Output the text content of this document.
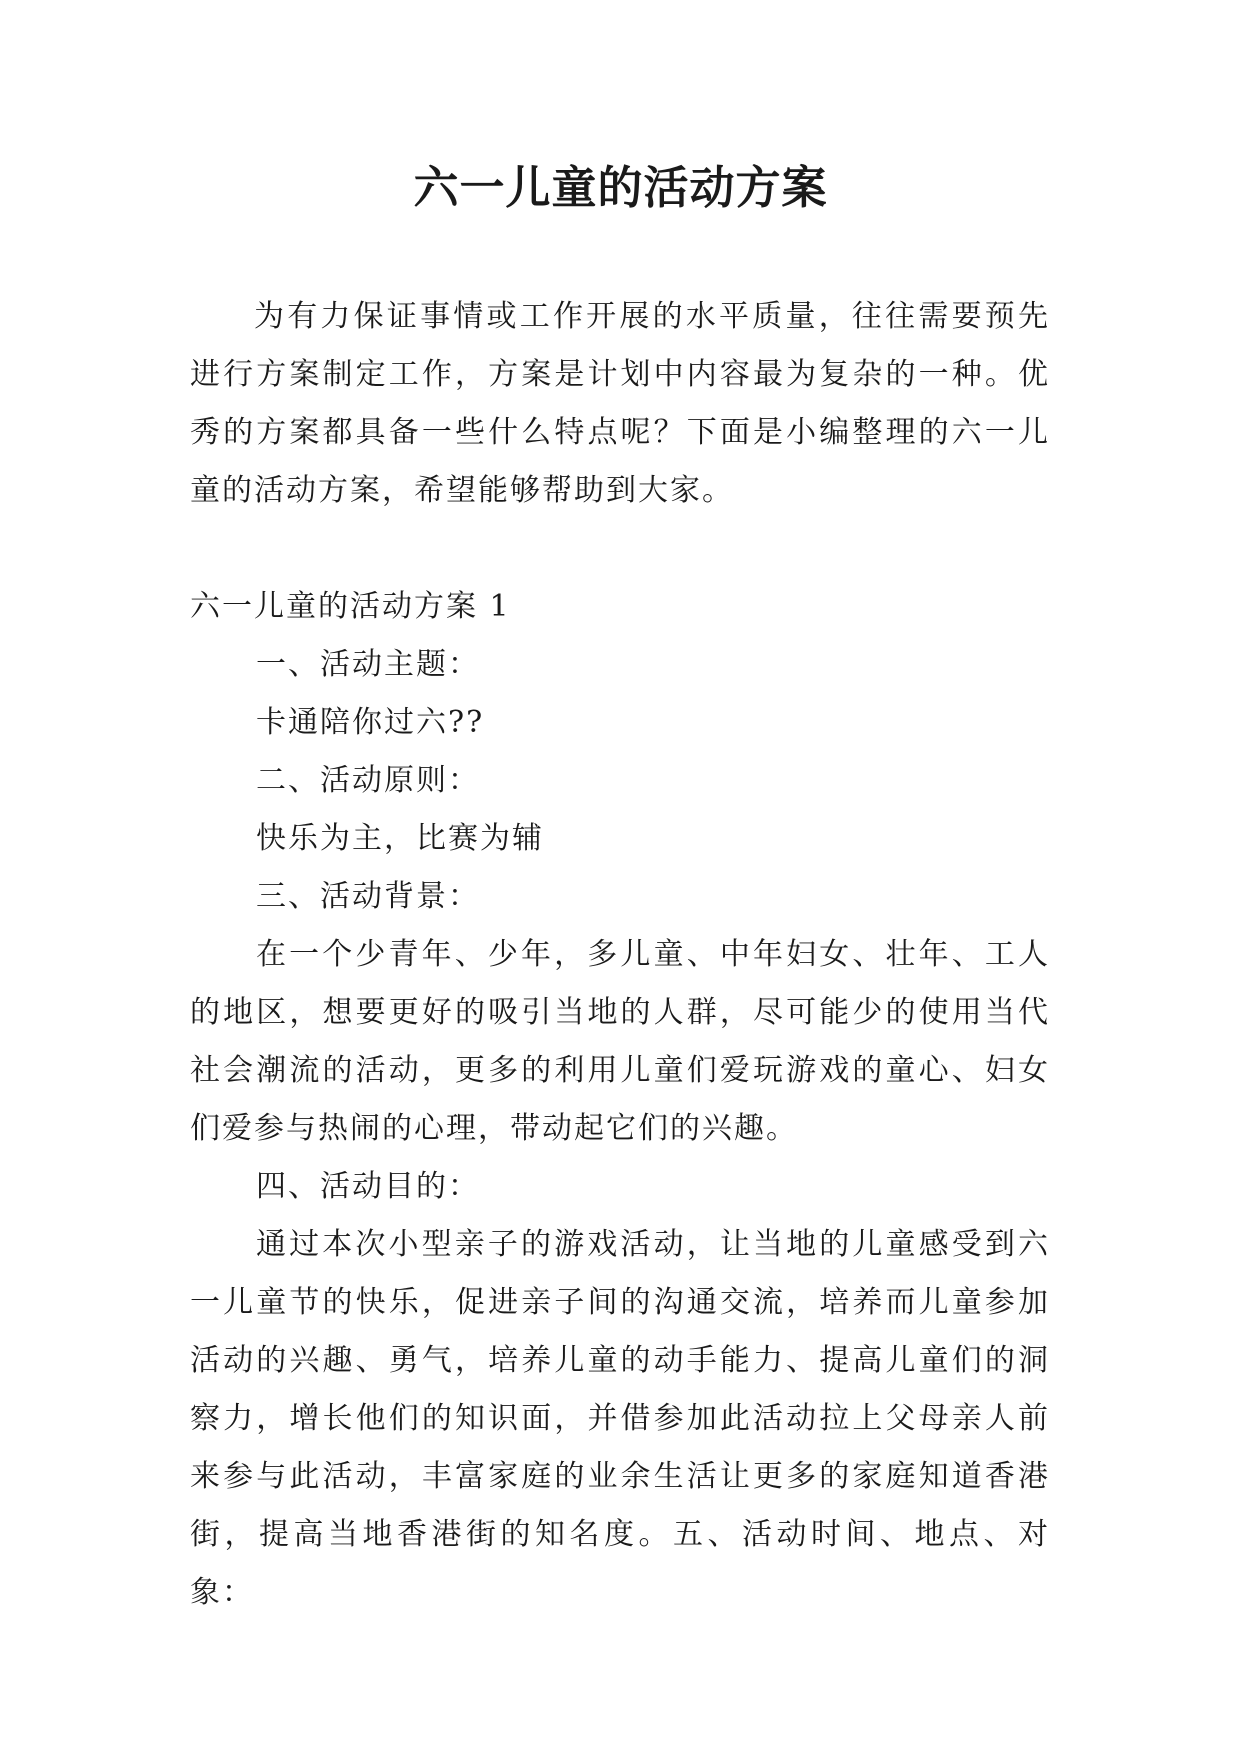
六一儿童的活动方案

为有力保证事情或工作开展的水平质量，往往需要预先进行方案制定工作，方案是计划中内容最为复杂的一种。优秀的方案都具备一些什么特点呢？下面是小编整理的六一儿童的活动方案，希望能够帮助到大家。

六一儿童的活动方案 1

一、活动主题：

卡通陪你过六??

二、活动原则：

快乐为主，比赛为辅

三、活动背景：

在一个少青年、少年，多儿童、中年妇女、壮年、工人的地区，想要更好的吸引当地的人群，尽可能少的使用当代社会潮流的活动，更多的利用儿童们爱玩游戏的童心、妇女们爱参与热闹的心理，带动起它们的兴趣。

四、活动目的：

通过本次小型亲子的游戏活动，让当地的儿童感受到六一儿童节的快乐，促进亲子间的沟通交流，培养而儿童参加活动的兴趣、勇气，培养儿童的动手能力、提高儿童们的洞察力，增长他们的知识面，并借参加此活动拉上父母亲人前来参与此活动，丰富家庭的业余生活让更多的家庭知道香港街，提高当地香港街的知名度。五、活动时间、地点、对象：
